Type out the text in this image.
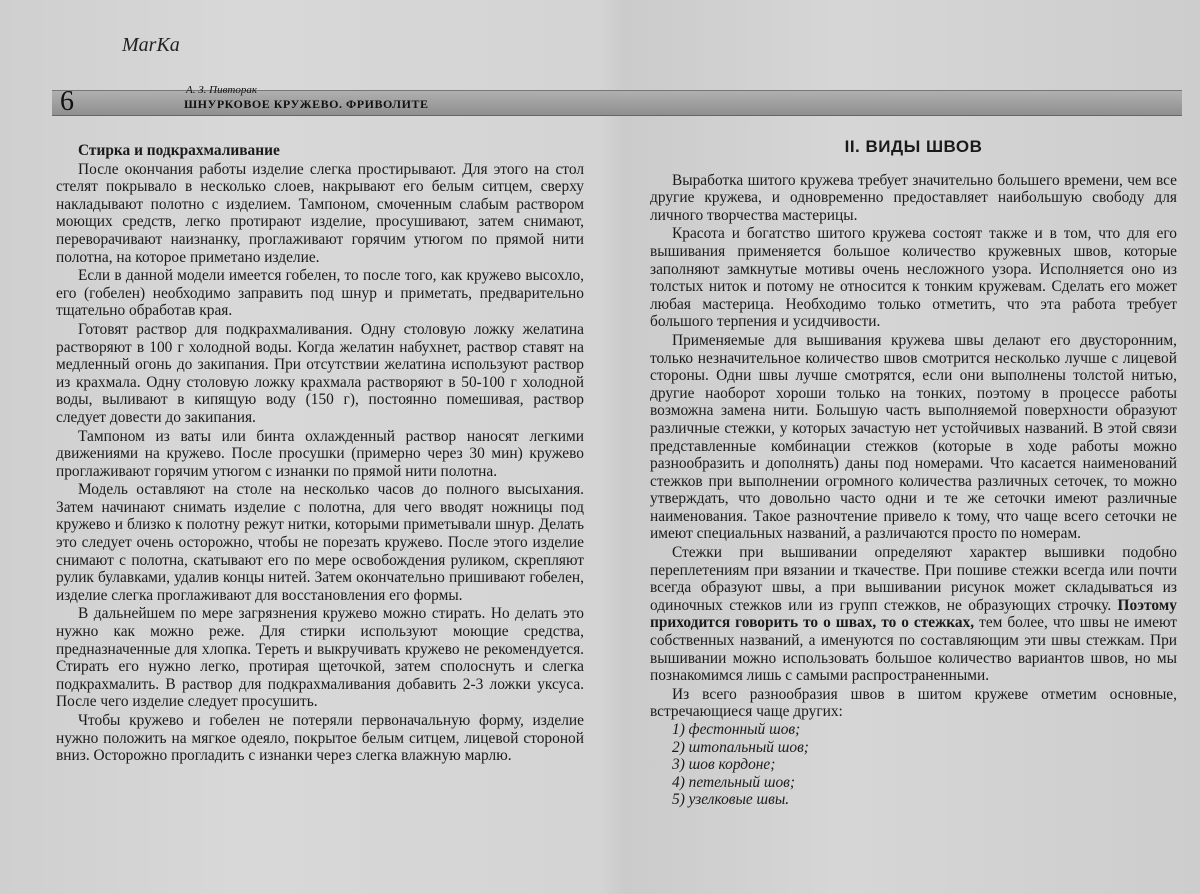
MarKa
6	А. З. Пивторак
ШНУРКОВОЕ КРУЖЕВО. ФРИВОЛИТЕ
Стирка и подкрахмаливание

После окончания работы изделие слегка простирывают. Для этого на стол стелят покрывало в несколько слоев, накрывают его белым ситцем, сверху накладывают полотно с изделием. Тампоном, смоченным слабым раствором моющих средств, легко протирают изделие, просушивают, затем снимают, переворачивают наизнанку, проглаживают горячим утюгом по прямой нити полотна, на которое приметано изделие.

Если в данной модели имеется гобелен, то после того, как кружево высохло, его (гобелен) необходимо заправить под шнур и приметать, предварительно тщательно обработав края.

Готовят раствор для подкрахмаливания. Одну столовую ложку желатина растворяют в 100 г холодной воды. Когда желатин набухнет, раствор ставят на медленный огонь до закипания. При отсутствии желатина используют раствор из крахмала. Одну столовую ложку крахмала растворяют в 50-100 г холодной воды, выливают в кипящую воду (150 г), постоянно помешивая, раствор следует довести до закипания.

Тампоном из ваты или бинта охлажденный раствор наносят легкими движениями на кружево. После просушки (примерно через 30 мин) кружево проглаживают горячим утюгом с изнанки по прямой нити полотна.

Модель оставляют на столе на несколько часов до полного высыхания. Затем начинают снимать изделие с полотна, для чего вводят ножницы под кружево и близко к полотну режут нитки, которыми приметывали шнур. Делать это следует очень осторожно, чтобы не порезать кружево. После этого изделие снимают с полотна, скатывают его по мере освобождения руликом, скрепляют рулик булавками, удалив концы нитей. Затем окончательно пришивают гобелен, изделие слегка проглаживают для восстановления его формы.

В дальнейшем по мере загрязнения кружево можно стирать. Но делать это нужно как можно реже. Для стирки используют моющие средства, предназначенные для хлопка. Тереть и выкручивать кружево не рекомендуется. Стирать его нужно легко, протирая щеточкой, затем сполоснуть и слегка подкрахмалить. В раствор для подкрахмаливания добавить 2-3 ложки уксуса. После чего изделие следует просушить.

Чтобы кружево и гобелен не потеряли первоначальную форму, изделие нужно положить на мягкое одеяло, покрытое белым ситцем, лицевой стороной вниз. Осторожно прогладить с изнанки через слегка влажную марлю.

II. ВИДЫ ШВОВ

Выработка шитого кружева требует значительно большего времени, чем все другие кружева, и одновременно предоставляет наибольшую свободу для личного творчества мастерицы.

Красота и богатство шитого кружева состоят также и в том, что для его вышивания применяется большое количество кружевных швов, которые заполняют замкнутые мотивы очень несложного узора. Исполняется оно из толстых ниток и потому не относится к тонким кружевам. Сделать его может любая мастерица. Необходимо только отметить, что эта работа требует большого терпения и усидчивости.

Применяемые для вышивания кружева швы делают его двусторонним, только незначительное количество швов смотрится несколько лучше с лицевой стороны. Одни швы лучше смотрятся, если они выполнены толстой нитью, другие наоборот хороши только на тонких, поэтому в процессе работы возможна замена нити. Большую часть выполняемой поверхности образуют различные стежки, у которых зачастую нет устойчивых названий. В этой связи представленные комбинации стежков (которые в ходе работы можно разнообразить и дополнять) даны под номерами. Что касается наименований стежков при выполнении огромного количества различных сеточек, то можно утверждать, что довольно часто одни и те же сеточки имеют различные наименования. Такое разночтение привело к тому, что чаще всего сеточки не имеют специальных названий, а различаются просто по номерам.

Стежки при вышивании определяют характер вышивки подобно переплетениям при вязании и ткачестве. При пошиве стежки всегда или почти всегда образуют швы, а при вышивании рисунок может складываться из одиночных стежков или из групп стежков, не образующих строчку. Поэтому приходится говорить то о швах, то о стежках, тем более, что швы не имеют собственных названий, а именуются по составляющим эти швы стежкам. При вышивании можно использовать большое количество вариантов швов, но мы познакомимся лишь с самыми распространенными.

Из всего разнообразия швов в шитом кружеве отметим основные, встречающиеся чаще других:

1) фестонный шов;
2) штопальный шов;
3) шов кордоне;
4) петельный шов;
5) узелковые швы.
